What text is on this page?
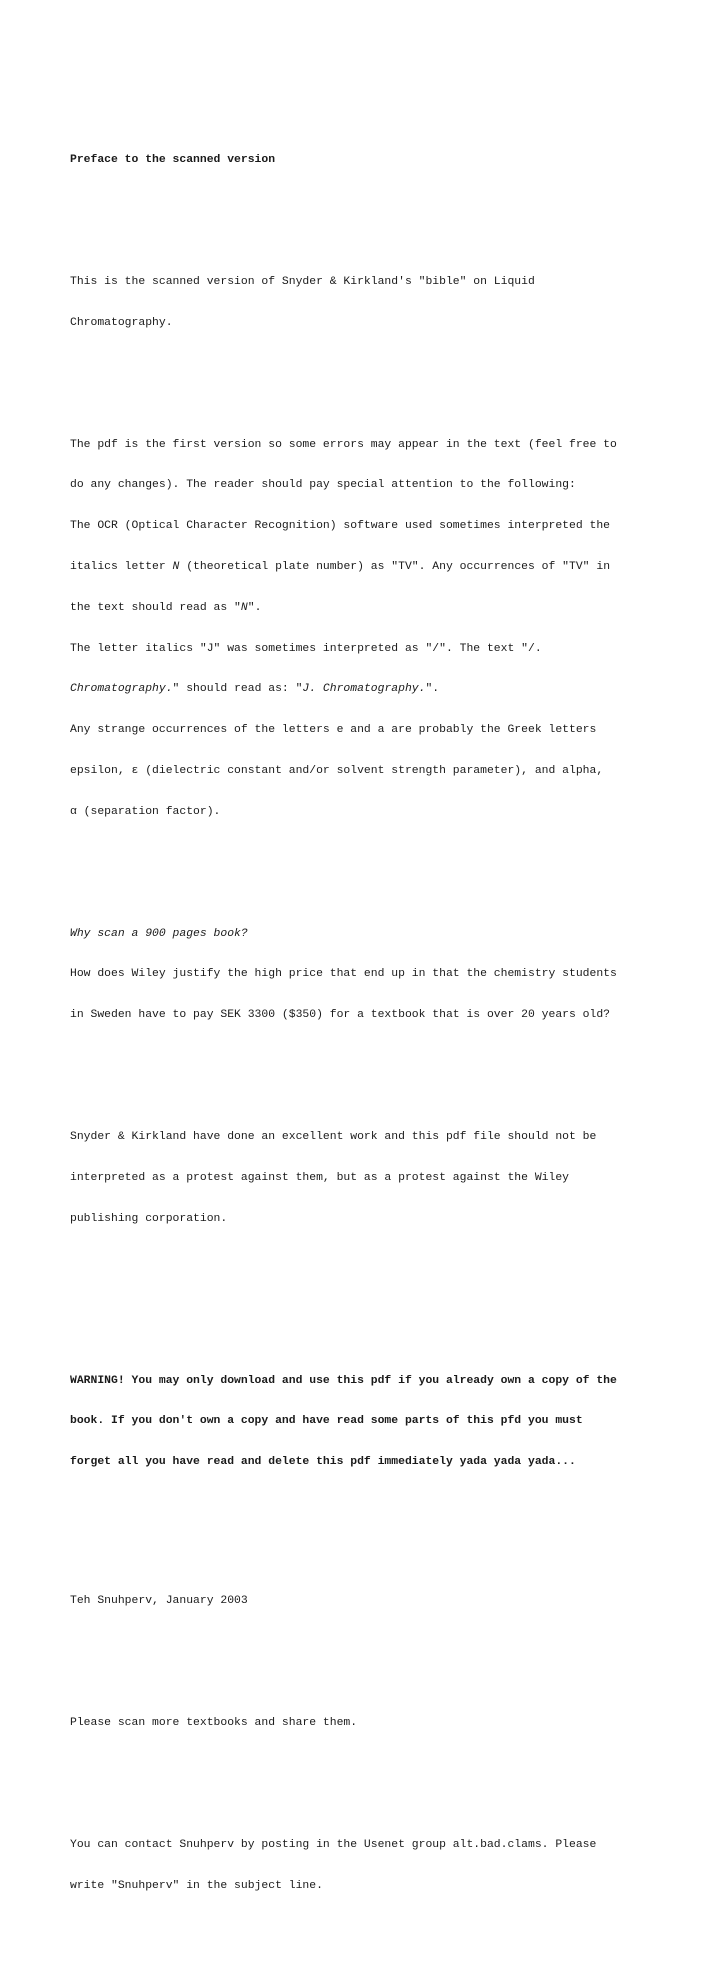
Preface to the scanned version

This is the scanned version of Snyder & Kirkland's "bible" on Liquid

Chromatography.

The pdf is the first version so some errors may appear in the text (feel free to

do any changes). The reader should pay special attention to the following:

The OCR (Optical Character Recognition) software used sometimes interpreted the

italics letter N (theoretical plate number) as "TV". Any occurrences of "TV" in

the text should read as "N".

The letter italics "J" was sometimes interpreted as "/". The text "/.

Chromatography." should read as: "J. Chromatography.".

Any strange occurrences of the letters e and a are probably the Greek letters

epsilon, ε (dielectric constant and/or solvent strength parameter), and alpha,

α (separation factor).

Why scan a 900 pages book?

How does Wiley justify the high price that end up in that the chemistry students

in Sweden have to pay SEK 3300 ($350) for a textbook that is over 20 years old?

Snyder & Kirkland have done an excellent work and this pdf file should not be

interpreted as a protest against them, but as a protest against the Wiley

publishing corporation.

WARNING! You may only download and use this pdf if you already own a copy of the

book. If you don't own a copy and have read some parts of this pfd you must

forget all you have read and delete this pdf immediately yada yada yada...

Teh Snuhperv, January 2003

Please scan more textbooks and share them.

You can contact Snuhperv by posting in the Usenet group alt.bad.clams. Please

write "Snuhperv" in the subject line.
